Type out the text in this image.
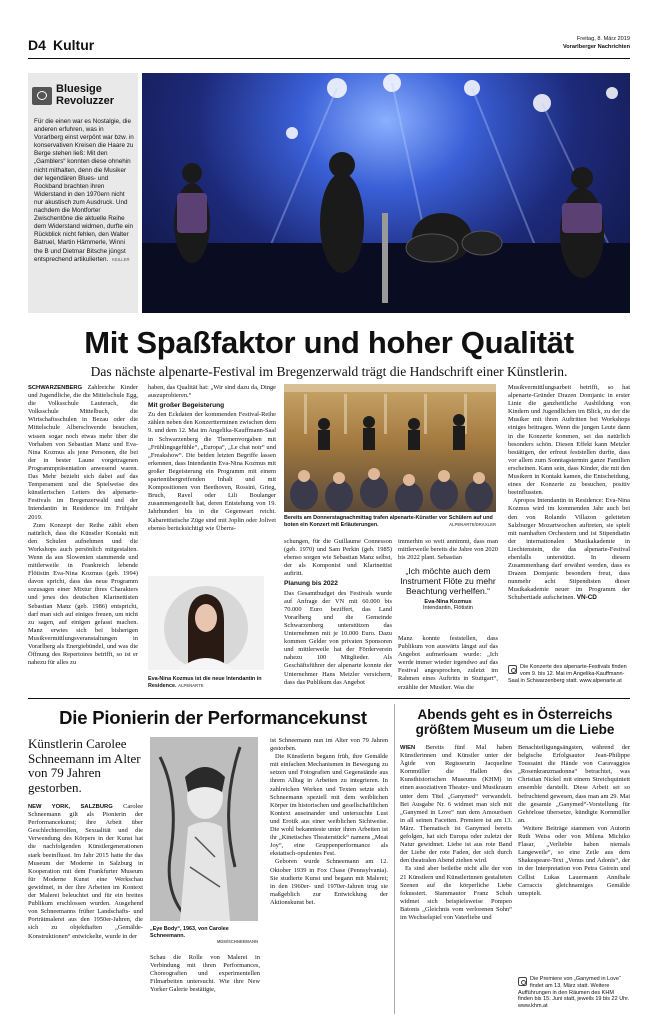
D4 Kultur	Freitag, 8. März 2019
Vorarlberger Nachrichten
Bluesige Revoluzzer
Für die einen war es Nostalgie, die anderen erfuhren, was in Vorarlberg einst verpönt war bzw. in konservativen Kreisen die Haare zu Berge stehen ließ: Mit den „Gamblers“ konnten diese ohnehin nicht mithalten, denn die Musiker der legendären Blues- und Rockband brachten ihren Widerstand in den 1970ern nicht nur akustisch zum Ausdruck. Und nachdem die Montforter Zwischentöne die aktuelle Reihe dem Widerstand widmen, durfte ein Rückblick nicht fehlen, den Walter Batruel, Martin Hämmerle, Winni the B und Dietmar Bitsche jüngst entsprechend artikulierten. KEILLER
Mit Spaßfaktor und hoher Qualität
Das nächste alpenarte-Festival im Bregenzerwald trägt die Handschrift einer Künstlerin.

SCHWARZENBERG Zahlreiche Kinder und Jugendliche, die die Mittelschule Egg, die Volksschule Lauterach, die Volksschule Mittelbuch, die Wirtschaftsschulen in Bezau oder die Mittelschule Alberschwende besuchen, wissen sogar noch etwas mehr über die Vorhaben von Sebastian Manz und Eva-Nina Kozmus als jene Personen, die bei der in bester Laune vorgetragenen Programmpräsentation anwesend waren. Das Mehr bezieht sich dabei auf das Temperament und die Spielweise des künstlerischen Leiters des alpenarte-Festivals im Bregenzerwald und der Intendantin in Residence im Frühjahr 2019.

Zum Konzept der Reihe zählt eben natürlich, dass die Künstler Kontakt mit den Schulen aufnehmen und die Workshops auch persönlich mitgestalten. Wenn da aus Slowenien stammende und mittlerweile in Frankreich lebende Flötistin Eva-Nina Kozmus (geb. 1994) davon spricht, dass das neue Programm sozusagen einer Mixtur ihres Charakters und jenes des deutschen Klarinettisten Sebastian Manz (geb. 1986) entspricht, darf man sich auf einiges freuen, um nicht zu sagen, auf einigen gefasst machen. Manz erwies sich bei bisherigen Musikvermittlungsveranstaltungen in Vorarlberg als Energiebündel, und was die Öffnung des Repertoires betrifft, so ist er nahezu für alles zu

haben, das Qualität hat: „Wir sind dazu da, Dinge auszuprobieren.“

Mit großer Begeisterung

Zu den Eckdaten der kommenden Festival-Reihe zählen neben den Konzertterminen zwischen dem 9. und dem 12. Mai im Angelika-Kauffmann-Saal in Schwarzenberg die Themenvorgaben mit „Frühlingsgefühle“, „Europa“, „Le chat noir“ und „Freakshow“. Die beiden letzten Begriffe lassen erkennen, dass Intendantin Eva-Nina Kozmus mit großer Begeisterung ein Programm mit einem spartenübergreifenden Inhalt und mit Kompositionen von Beethoven, Rossini, Grieg, Bruch, Ravel oder Lili Boulanger zusammengestellt hat, deren Entstehung von 19. Jahrhundert bis in die Gegenwart reicht. Kabarettistische Züge sind mit Joplin oder Jolivet ebenso berücksichtigt wie Überra-

Eva-Nina Kozmus ist die neue Intendantin in Residence. ALPENARTE
Bereits am Donnerstagnachmittag trafen alpenarte-Künstler vor Schülern auf und boten ein Konzert mit Erläuterungen.	ALPENARTE/DRAXLER

schungen, für die Guillaume Connesson (geb. 1970) und Sam Perkin (geb. 1985) ebenso sorgen wie Sebastian Manz selbst, der als Komponist und Klarinettist auftritt.

Planung bis 2022

Das Gesamtbudget des Festivals wurde auf Anfrage der VN mit 60.000 bis 70.000 Euro beziffert, das Land Vorarlberg und die Gemeinde Schwarzenberg unterstützen das Unternehmen mit je 10.000 Euro. Dazu kommen Gelder von privaten Sponsoren und mittlerweile hat der Förderverein nahezu 100 Mitglieder. Als Geschäftsführer der alpenarte konnte der Unternehmer Hans Metzler versichern, dass das Publikum das Angebot

immerhin so weit annimmt, dass man mittlerweile bereits die Jahre von 2020 bis 2022 plant. Sebastian

„Ich möchte auch dem Instrument Flöte zu mehr Beachtung verhelfen.“
Eva-Nina Kozmus
Intendantin, Flötistin

Manz konnte feststellen, dass Publikum von auswärts längst auf das Angebot aufmerksam wurde: „Ich werde immer wieder irgendwo auf das Festival angesprochen, zuletzt im Rahmen eines Auftritts in Stuttgart“, erzählte der Musiker. Was die

Musikvermittlungsarbeit betrifft, so hat alpenarte-Gründer Drazen Domjanic in erster Linie die ganzheitliche Ausbildung von Kindern und Jugendlichen im Blick, zu der die Musiker mit ihren Auftritten bei Workshops einiges beitragen. Wenn die jungen Leute dann in die Konzerte kommen, sei das natürlich besonders schön. Diesen Effekt kann Metzler bestätigen, der erfreut feststellen durfte, dass vor allem zum Sonntagstermin ganze Familien erscheinen. Kann sein, dass Kinder, die mit den Musikern in Kontakt kamen, die Entscheidung, eines der Konzerte zu besuchen, positiv beeinflussten.

Apropos Intendantin in Residence: Eva-Nina Kozmus wird im kommenden Jahr auch bei den von Rolando Villazon geleiteten Salzburger Mozartwochen auftreten, sie spielt mit namhaften Orchestern und ist Stipendiatin der internationalen Musikakademie in Liechtenstein, die das alpenarte-Festival ebenfalls unterstützt. In diesem Zusammenhang darf erwähnt werden, dass es Drazen Domjanic besonders freut, dass nunmehr acht Stipendisten dieser Musikakademie neuer im Programm der Schubertiade aufscheinen. VN-CD

Die Konzerte des alpenarte-Festivals finden vom 9. bis 12. Mai im Angelika-Kauffmann-Saal in Schwarzenberg statt. www.alpenarte.at
Die Pionierin der Performancekunst
Künstlerin Carolee Schneemann im Alter von 79 Jahren gestorben.

NEW YORK, SALZBURG Carolee Schneemann gilt als Pionierin der Performancekunst; ihre Arbeit über Geschlechterrollen, Sexualität und die Verwendung des Körpers in der Kunst hat die nachfolgenden Künstlergenerationen stark beeinflusst. Im Jahr 2015 hatte ihr das Museum der Moderne in Salzburg in Kooperation mit dem Frankfurter Museum für Moderne Kunst eine Werkschau gewidmet, in der ihre Arbeiten im Kontext der Malerei beleuchtet und für ein breites Publikum erschlossen wurden. Ausgehend von Schneemanns früher Landschafts- und Porträtmalerei aus den 1950er-Jahren, die sich zu objekthaften „Gemälde-Konstruktionen“ entwickelte, wurde in der

„Eye Body“, 1963, von Carolee Schneemann.
MDM/SCHNEEMANN

Schau die Rolle von Malerei in Verbindung mit ihren Performances, Choreografien und experimentellen Filmarbeiten untersucht. Wie ihre New Yorker Galerie bestätigte,

ist Schneemann nun im Alter von 79 Jahren gestorben.

Die Künstlerin begann früh, ihre Gemälde mit einfachen Mechanismen in Bewegung zu setzen und Fotografien und Gegenstände aus ihrem Alltag in Arbeiten zu integrieren. In zahlreichen Werken und Texten setzte sich Schneemann speziell mit dem weiblichen Körper im historischen und gesellschaftlichen Kontext auseinander und untersuchte Lust und Erotik aus einer weiblichen Sichtweise. Die wohl bekannteste unter ihren Arbeiten ist ihr „Kinetisches Theaterstück“ namens „Meat Joy“, eine Gruppenperformance als ekstatisch-opulentes Fest.

Geboren wurde Schneemann am 12. Oktober 1939 in Fox Chase (Pennsylvania). Sie studierte Kunst und begann mit Malerei; in den 1960er- und 1970er-Jahren trug sie maßgeblich zur Entwicklung der Aktionskunst bei.

Abends geht es in Österreichs größtem Museum um die Liebe

WIEN Bereits fünf Mal haben Künstlerinnen und Künstler unter der Ägide von Regisseurin Jacqueline Kornmüller die Hallen des Kunsthistorischen Museums (KHM) in einen assoziativen Theater- und Musikraum unter dem Titel „Ganymed“ verwandelt. Bei Ausgabe Nr. 6 widmet man sich mit „Ganymed in Love“ nun dem Amourösen in all seinen Facetten. Premiere ist am 13. März. Thematisch ist Ganymed bereits gefolgen, hat sich Europa oder zuletzt der Natur gewidmet. Liebe ist aus rote Band der Liebe der rote Faden, der sich durch den theatralen Abend ziehen wird.

Es sind aber beileibe nicht alle der von 21 Künstlern und Künstlerinnen gestalteten Szenen auf die körperliche Liebe fokussiert. Stammautor Franz Schuh widmet sich beispielsweise Pompeo Batonis „Gleichnis vom verlorenen Sohn“ im Wechselspiel von Vaterliebe und

Benachteiligungsängsten, während der belgische Erfolgsautor Jean-Philippe Toussaint die Hände von Caravaggios „Rosenkranzmadonna“ betrachtet, was Christian Nickel mit einem Streichquintett ensemble darstellt. Diese Arbeit sei so befruchtend gewesen, dass man am 29. Mai die gesamte „Ganymed“-Vorstellung für Gehörlose übersetze, kündigte Kornmüller an.

Weitere Beiträge stammen von Autorin Ruth Weiss oder von Milena Michiko Flasar, „Verliebte haben niemals Langeweile“, so eine Zeile aus dem Shakespeare-Text „Venus und Adonis“, der in der Interpretation von Petra Gstrein und Cellist Lukas Lauermann Annibale Carraccis gleichnamiges Gemälde umspielt.

Die Premiere von „Ganymed in Love“ findet am 13. März statt. Weitere Aufführungen in den Räumen des KHM finden bis 15. Juni statt, jeweils 19 bis 22 Uhr. www.khm.at
